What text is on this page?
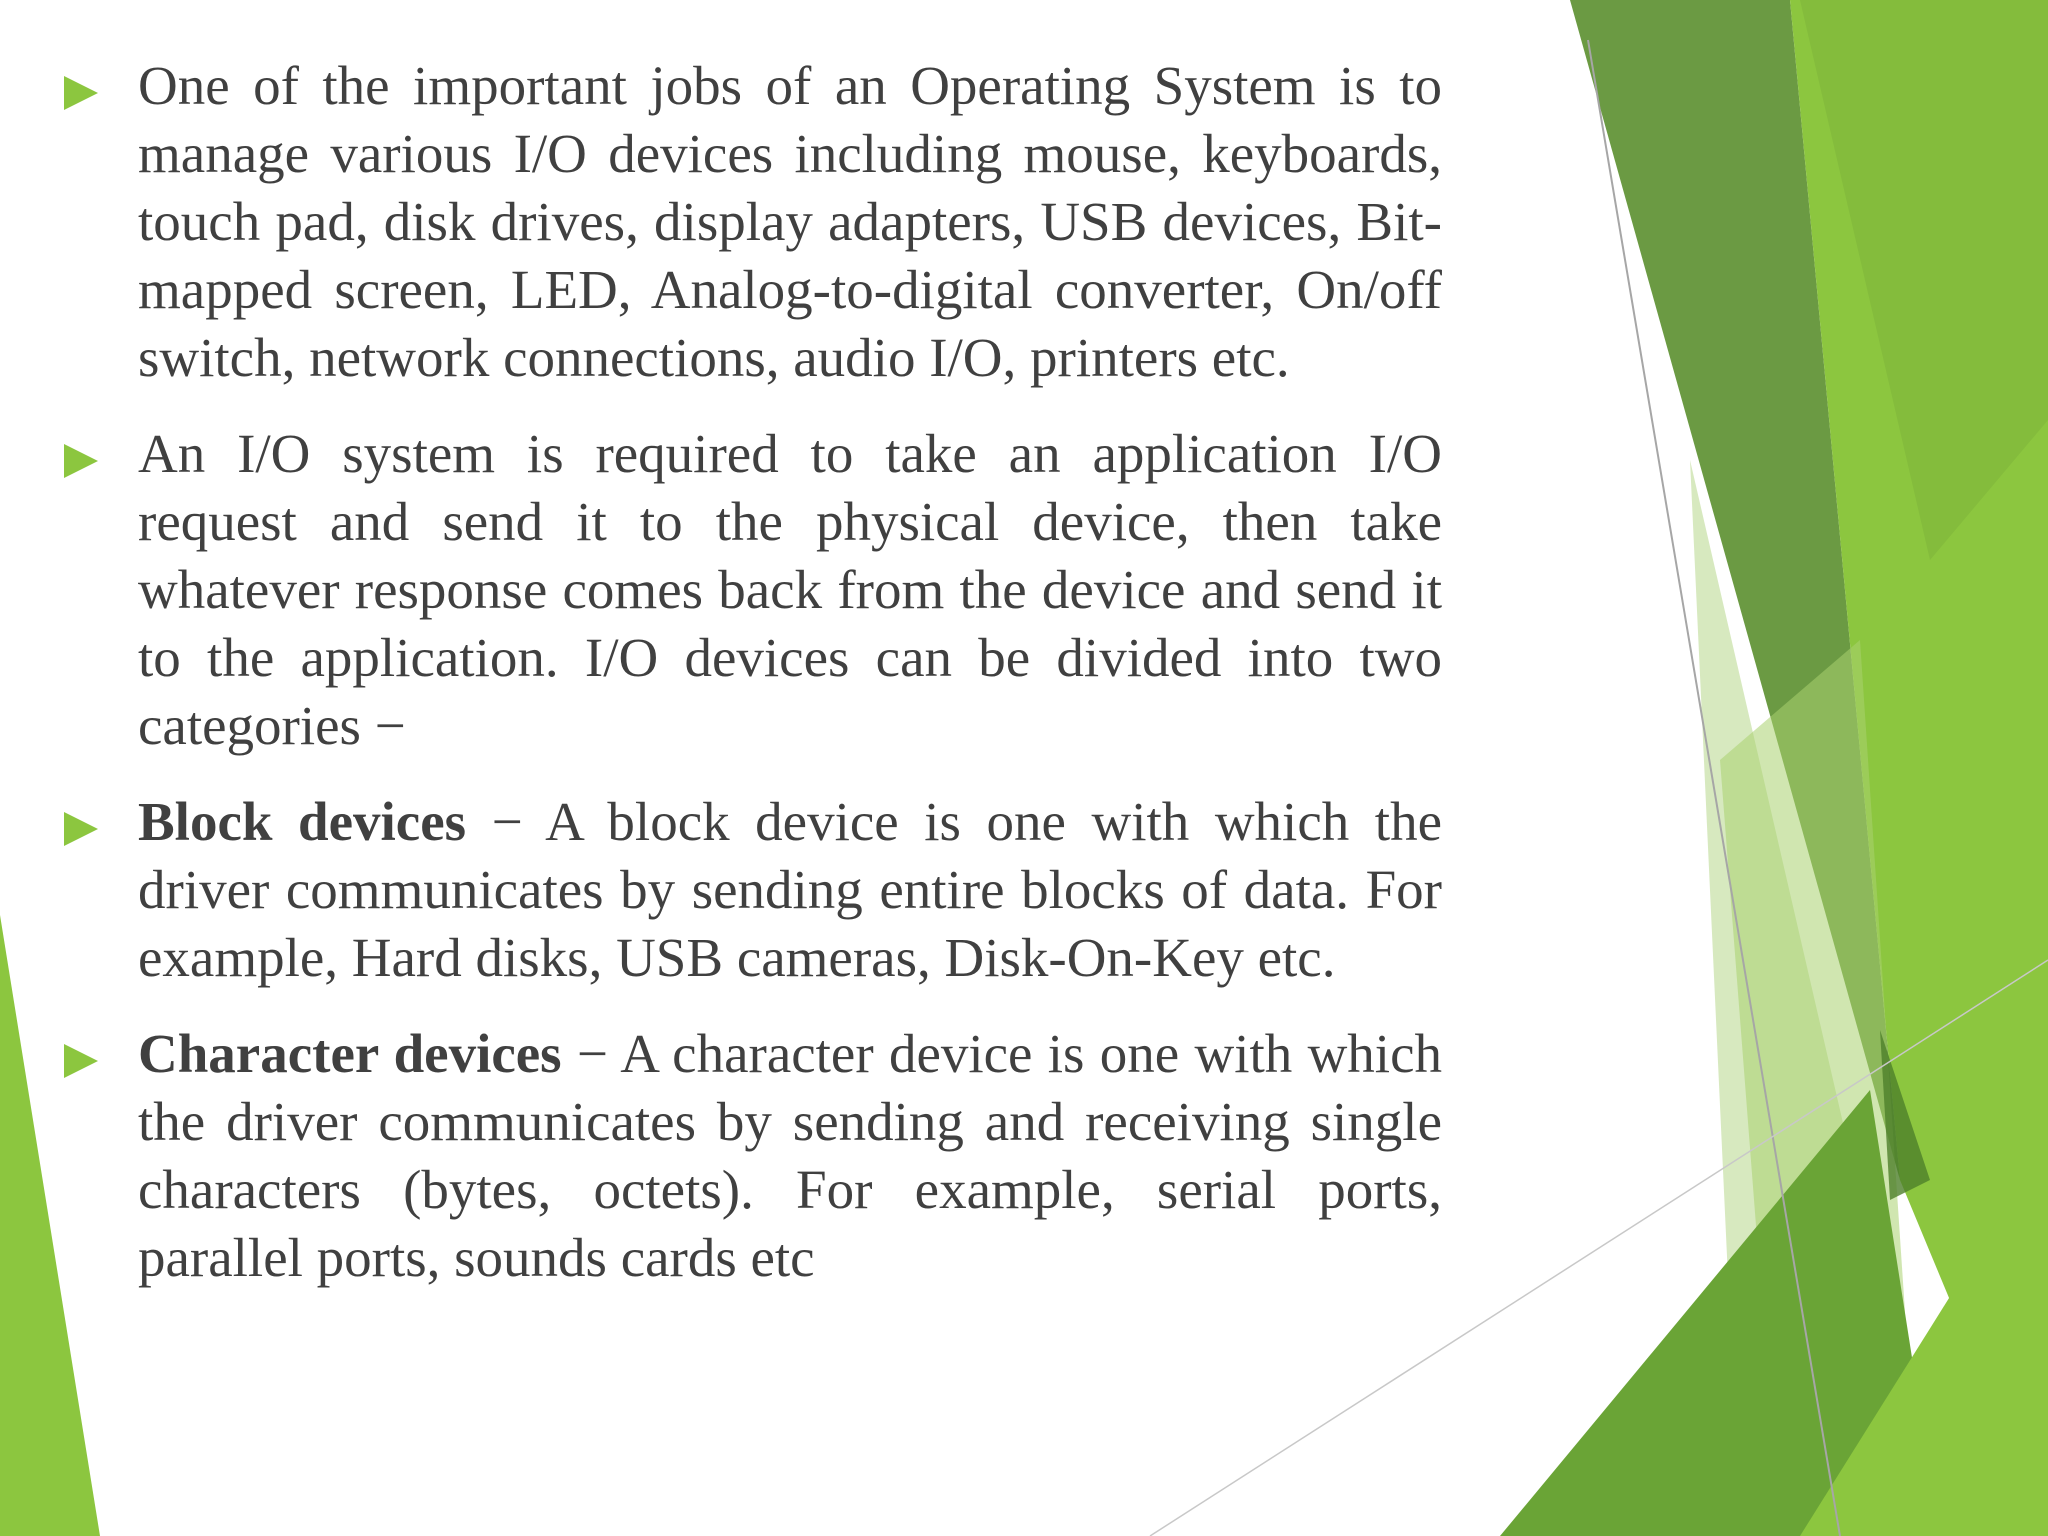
One of the important jobs of an Operating System is to manage various I/O devices including mouse, keyboards, touch pad, disk drives, display adapters, USB devices, Bit-mapped screen, LED, Analog-to-digital converter, On/off switch, network connections, audio I/O, printers etc.
An I/O system is required to take an application I/O request and send it to the physical device, then take whatever response comes back from the device and send it to the application. I/O devices can be divided into two categories −
Block devices − A block device is one with which the driver communicates by sending entire blocks of data. For example, Hard disks, USB cameras, Disk-On-Key etc.
Character devices − A character device is one with which the driver communicates by sending and receiving single characters (bytes, octets). For example, serial ports, parallel ports, sounds cards etc
